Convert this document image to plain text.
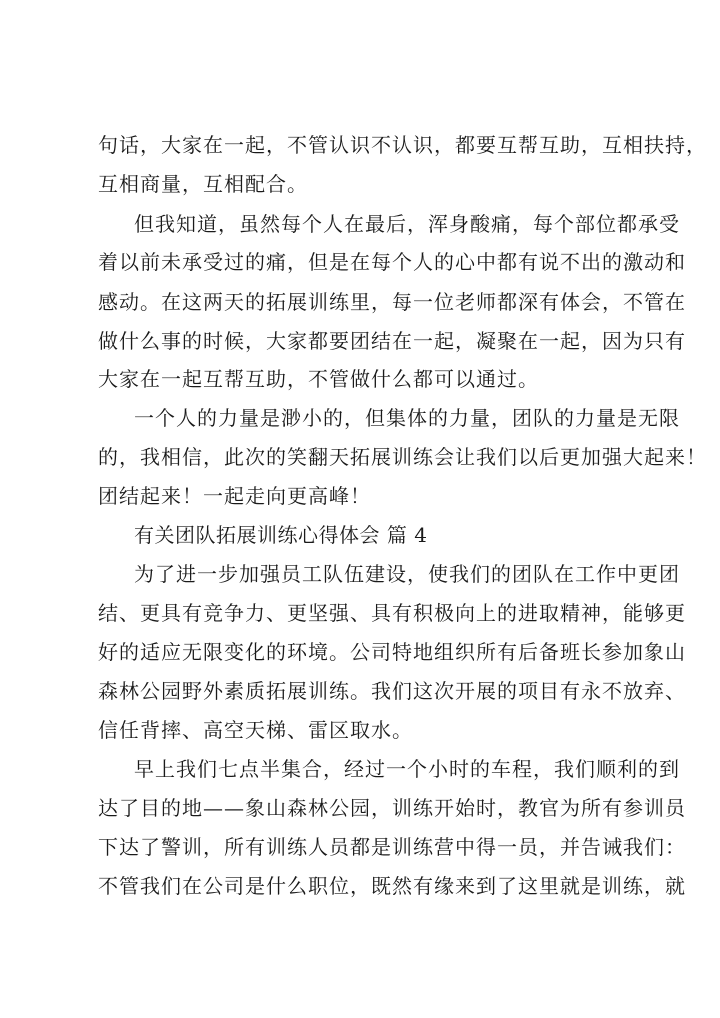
句话，大家在一起，不管认识不认识，都要互帮互助，互相扶持，
互相商量，互相配合。
但我知道，虽然每个人在最后，浑身酸痛，每个部位都承受
着以前未承受过的痛，但是在每个人的心中都有说不出的激动和
感动。在这两天的拓展训练里，每一位老师都深有体会，不管在
做什么事的时候，大家都要团结在一起，凝聚在一起，因为只有
大家在一起互帮互助，不管做什么都可以通过。
一个人的力量是渺小的，但集体的力量，团队的力量是无限
的，我相信，此次的笑翻天拓展训练会让我们以后更加强大起来！
团结起来！一起走向更高峰！
有关团队拓展训练心得体会 篇 4
为了进一步加强员工队伍建设，使我们的团队在工作中更团
结、更具有竞争力、更坚强、具有积极向上的进取精神，能够更
好的适应无限变化的环境。公司特地组织所有后备班长参加象山
森林公园野外素质拓展训练。我们这次开展的项目有永不放弃、
信任背摔、高空天梯、雷区取水。
早上我们七点半集合，经过一个小时的车程，我们顺利的到
达了目的地——象山森林公园，训练开始时，教官为所有参训员
下达了警训，所有训练人员都是训练营中得一员，并告诫我们：
不管我们在公司是什么职位，既然有缘来到了这里就是训练，就
